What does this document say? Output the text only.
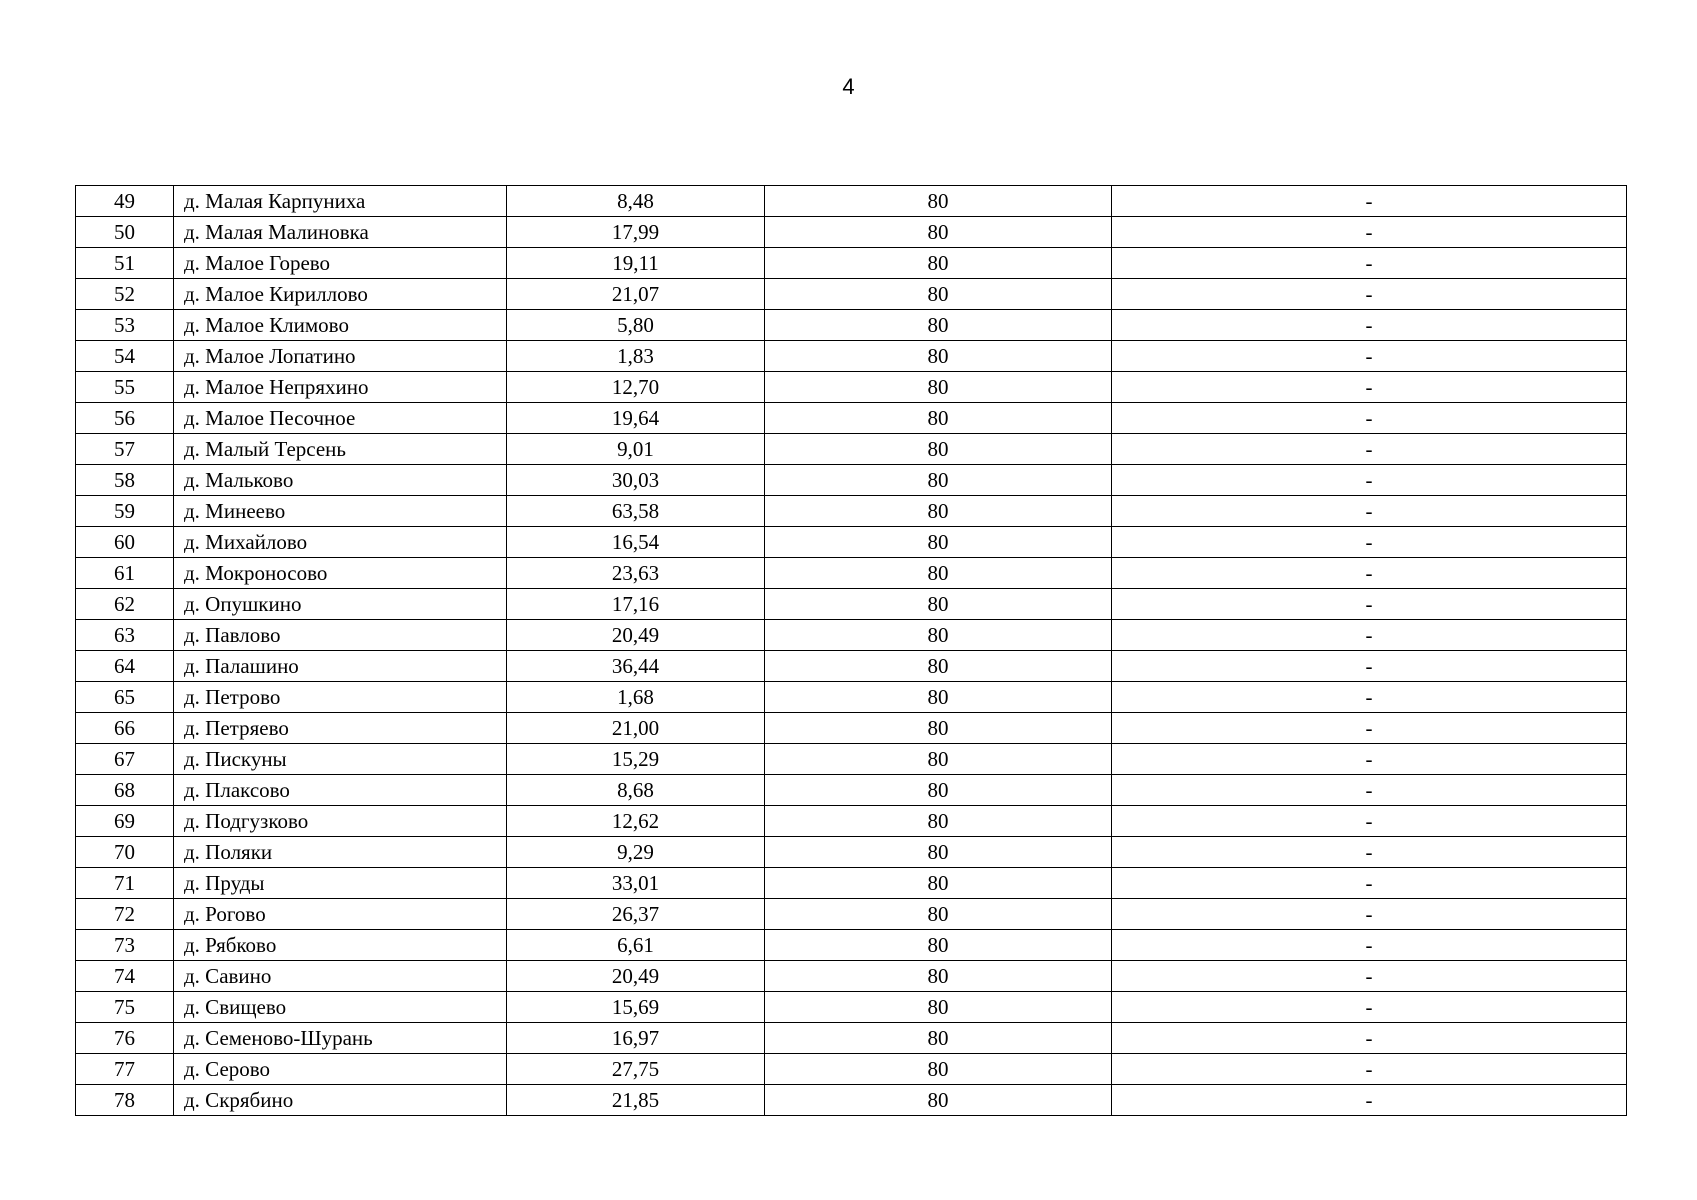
4
49	д. Малая Карпуниха	8,48	80	-
50	д. Малая Малиновка	17,99	80	-
51	д. Малое Горево	19,11	80	-
52	д. Малое Кириллово	21,07	80	-
53	д. Малое Климово	5,80	80	-
54	д. Малое Лопатино	1,83	80	-
55	д. Малое Непряхино	12,70	80	-
56	д. Малое Песочное	19,64	80	-
57	д. Малый Терсень	9,01	80	-
58	д. Мальково	30,03	80	-
59	д. Минеево	63,58	80	-
60	д. Михайлово	16,54	80	-
61	д. Мокроносово	23,63	80	-
62	д. Опушкино	17,16	80	-
63	д. Павлово	20,49	80	-
64	д. Палашино	36,44	80	-
65	д. Петрово	1,68	80	-
66	д. Петряево	21,00	80	-
67	д. Пискуны	15,29	80	-
68	д. Плаксово	8,68	80	-
69	д. Подгузково	12,62	80	-
70	д. Поляки	9,29	80	-
71	д. Пруды	33,01	80	-
72	д. Рогово	26,37	80	-
73	д. Рябково	6,61	80	-
74	д. Савино	20,49	80	-
75	д. Свищево	15,69	80	-
76	д. Семеново-Шурань	16,97	80	-
77	д. Серово	27,75	80	-
78	д. Скрябино	21,85	80	-
